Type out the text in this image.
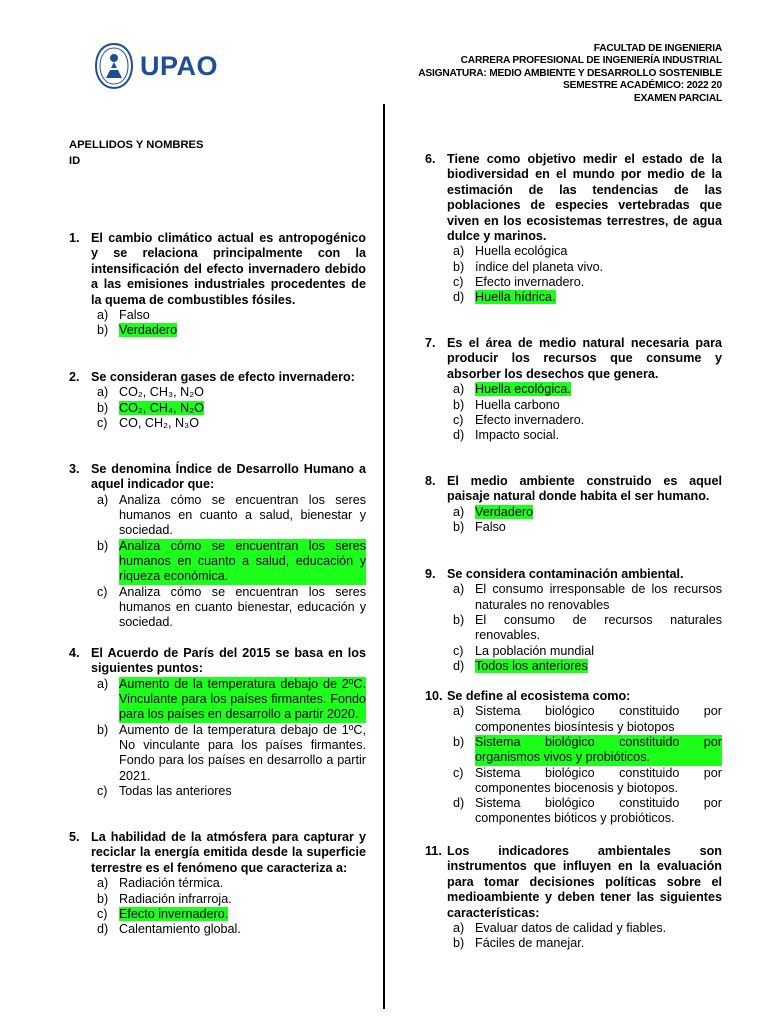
UPAO
FACULTAD DE INGENIERIA
CARRERA PROFESIONAL DE INGENIERÍA INDUSTRIAL
ASIGNATURA: MEDIO AMBIENTE Y DESARROLLO SOSTENIBLE
SEMESTRE ACADÉMICO: 2022 20
EXAMEN PARCIAL
APELLIDOS Y NOMBRES
ID
1. El cambio climático actual es antropogénico y se relaciona principalmente con la intensificación del efecto invernadero debido a las emisiones industriales procedentes de la quema de combustibles fósiles.
a) Falso
b) Verdadero
2. Se consideran gases de efecto invernadero:
a) CO₂, CH₃, N₂O
b) CO₂, CH₄, N₂O
c) CO, CH₂, N₃O
3. Se denomina Índice de Desarrollo Humano a aquel indicador que:
a) Analiza cómo se encuentran los seres humanos en cuanto a salud, bienestar y sociedad.
b) Analiza cómo se encuentran los seres humanos en cuanto a salud, educación y riqueza económica.
c) Analiza cómo se encuentran los seres humanos en cuanto bienestar, educación y sociedad.
4. El Acuerdo de París del 2015 se basa en los siguientes puntos:
a) Aumento de la temperatura debajo de 2ºC. Vinculante para los países firmantes. Fondo para los países en desarrollo a partir 2020.
b) Aumento de la temperatura debajo de 1ºC, No vinculante para los países firmantes. Fondo para los países en desarrollo a partir 2021.
c) Todas las anteriores
5. La habilidad de la atmósfera para capturar y reciclar la energía emitida desde la superficie terrestre es el fenómeno que caracteriza a:
a) Radiación térmica.
b) Radiación infrarroja.
c) Efecto invernadero.
d) Calentamiento global.
6. Tiene como objetivo medir el estado de la biodiversidad en el mundo por medio de la estimación de las tendencias de las poblaciones de especies vertebradas que viven en los ecosistemas terrestres, de agua dulce y marinos.
a) Huella ecológica
b) índice del planeta vivo.
c) Efecto invernadero.
d) Huella hídrica.
7. Es el área de medio natural necesaria para producir los recursos que consume y absorber los desechos que genera.
a) Huella ecológica.
b) Huella carbono
c) Efecto invernadero.
d) Impacto social.
8. El medio ambiente construido es aquel paisaje natural donde habita el ser humano.
a) Verdadero
b) Falso
9. Se considera contaminación ambiental.
a) El consumo irresponsable de los recursos naturales no renovables
b) El consumo de recursos naturales renovables.
c) La población mundial
d) Todos los anteriores
10. Se define al ecosistema como:
a) Sistema biológico constituido por componentes biosíntesis y biotopos
b) Sistema biológico constituido por organismos vivos y probióticos.
c) Sistema biológico constituido por componentes biocenosis y biotopos.
d) Sistema biológico constituido por componentes bióticos y probióticos.
11. Los indicadores ambientales son instrumentos que influyen en la evaluación para tomar decisiones políticas sobre el medioambiente y deben tener las siguientes características:
a) Evaluar datos de calidad y fiables.
b) Fáciles de manejar.
